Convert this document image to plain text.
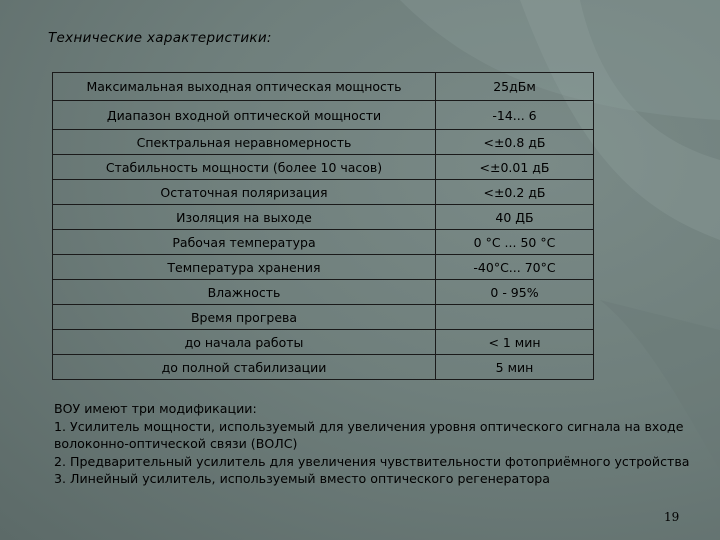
Технические характеристики:
Максимальная выходная оптическая мощность	25дБм
Диапазон входной оптической мощности	-14... 6
Спектральная неравномерность	<±0.8 дБ
Стабильность мощности (более 10 часов)	<±0.01 дБ
Остаточная поляризация	<±0.2 дБ
Изоляция на выходе	40 ДБ
Рабочая температура	0 °С ... 50 °С
Температура хранения	-40°С... 70°С
Влажность	0 - 95%
Время прогрева	
до начала работы	< 1 мин
до полной стабилизации	5 мин
ВОУ имеют три модификации:
1. Усилитель мощности, используемый для увеличения уровня оптического сигнала на входе волоконно-оптической связи (ВОЛС)
2. Предварительный усилитель для увеличения чувствительности фотоприёмного устройства
3. Линейный усилитель, используемый вместо оптического регенератора
19
